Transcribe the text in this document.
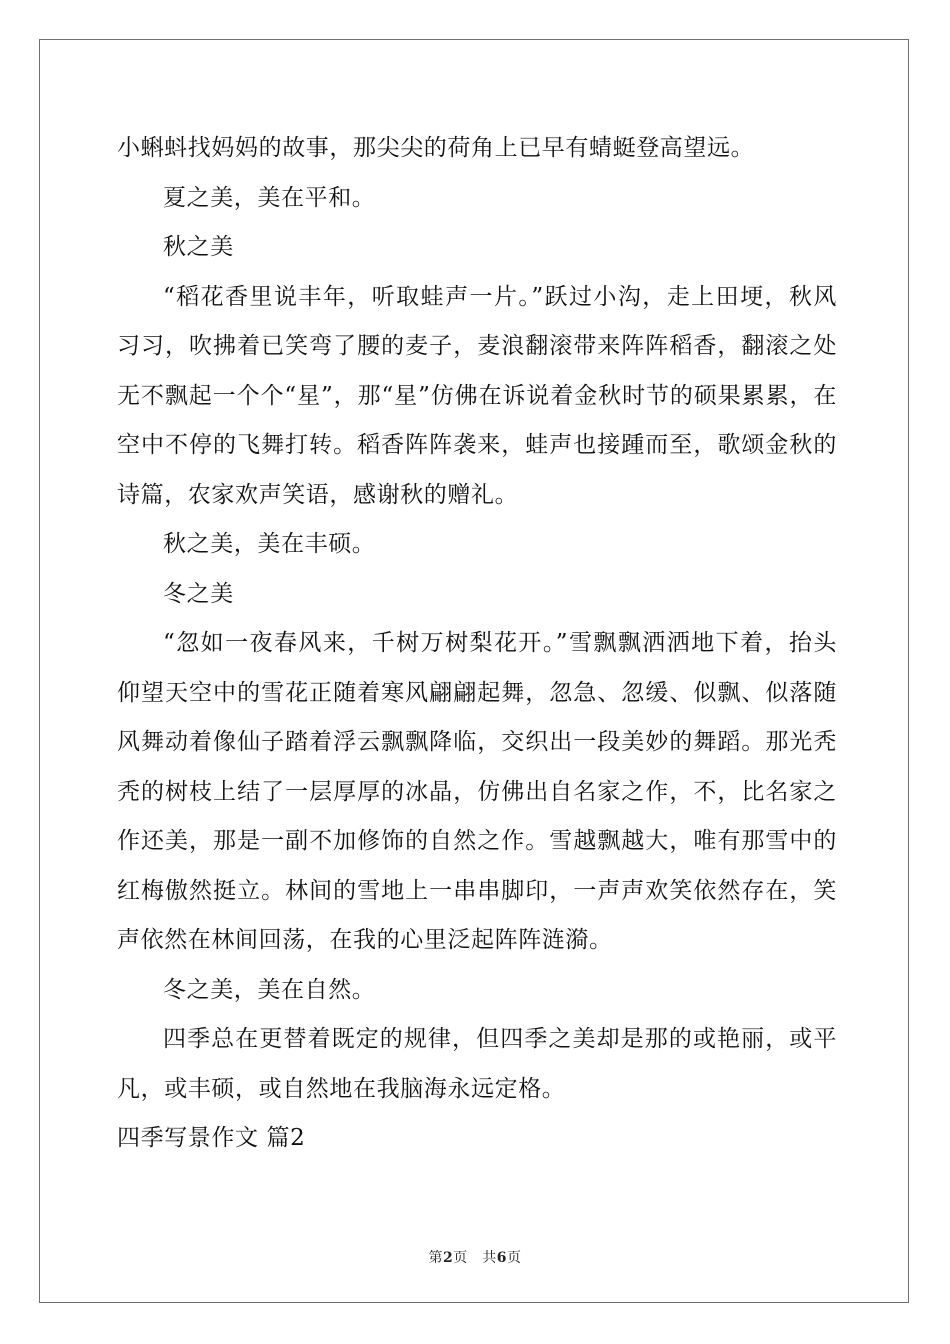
小蝌蚪找妈妈的故事，那尖尖的荷角上已早有蜻蜓登高望远。

夏之美，美在平和。

秋之美

“稻花香里说丰年，听取蛙声一片。”跃过小沟，走上田埂，秋风习习，吹拂着已笑弯了腰的麦子，麦浪翻滚带来阵阵稻香，翻滚之处无不飘起一个个“星”，那“星”仿佛在诉说着金秋时节的硕果累累，在空中不停的飞舞打转。稻香阵阵袭来，蛙声也接踵而至，歌颂金秋的诗篇，农家欢声笑语，感谢秋的赠礼。

秋之美，美在丰硕。

冬之美

“忽如一夜春风来，千树万树梨花开。”雪飘飘洒洒地下着，抬头仰望天空中的雪花正随着寒风翩翩起舞，忽急、忽缓、似飘、似落随风舞动着像仙子踏着浮云飘飘降临，交织出一段美妙的舞蹈。那光秃秃的树枝上结了一层厚厚的冰晶，仿佛出自名家之作，不，比名家之作还美，那是一副不加修饰的自然之作。雪越飘越大，唯有那雪中的红梅傲然挺立。林间的雪地上一串串脚印，一声声欢笑依然存在，笑声依然在林间回荡，在我的心里泛起阵阵涟漪。

冬之美，美在自然。

四季总在更替着既定的规律，但四季之美却是那的或艳丽，或平凡，或丰硕，或自然地在我脑海永远定格。

四季写景作文 篇2

第2页　共6页
